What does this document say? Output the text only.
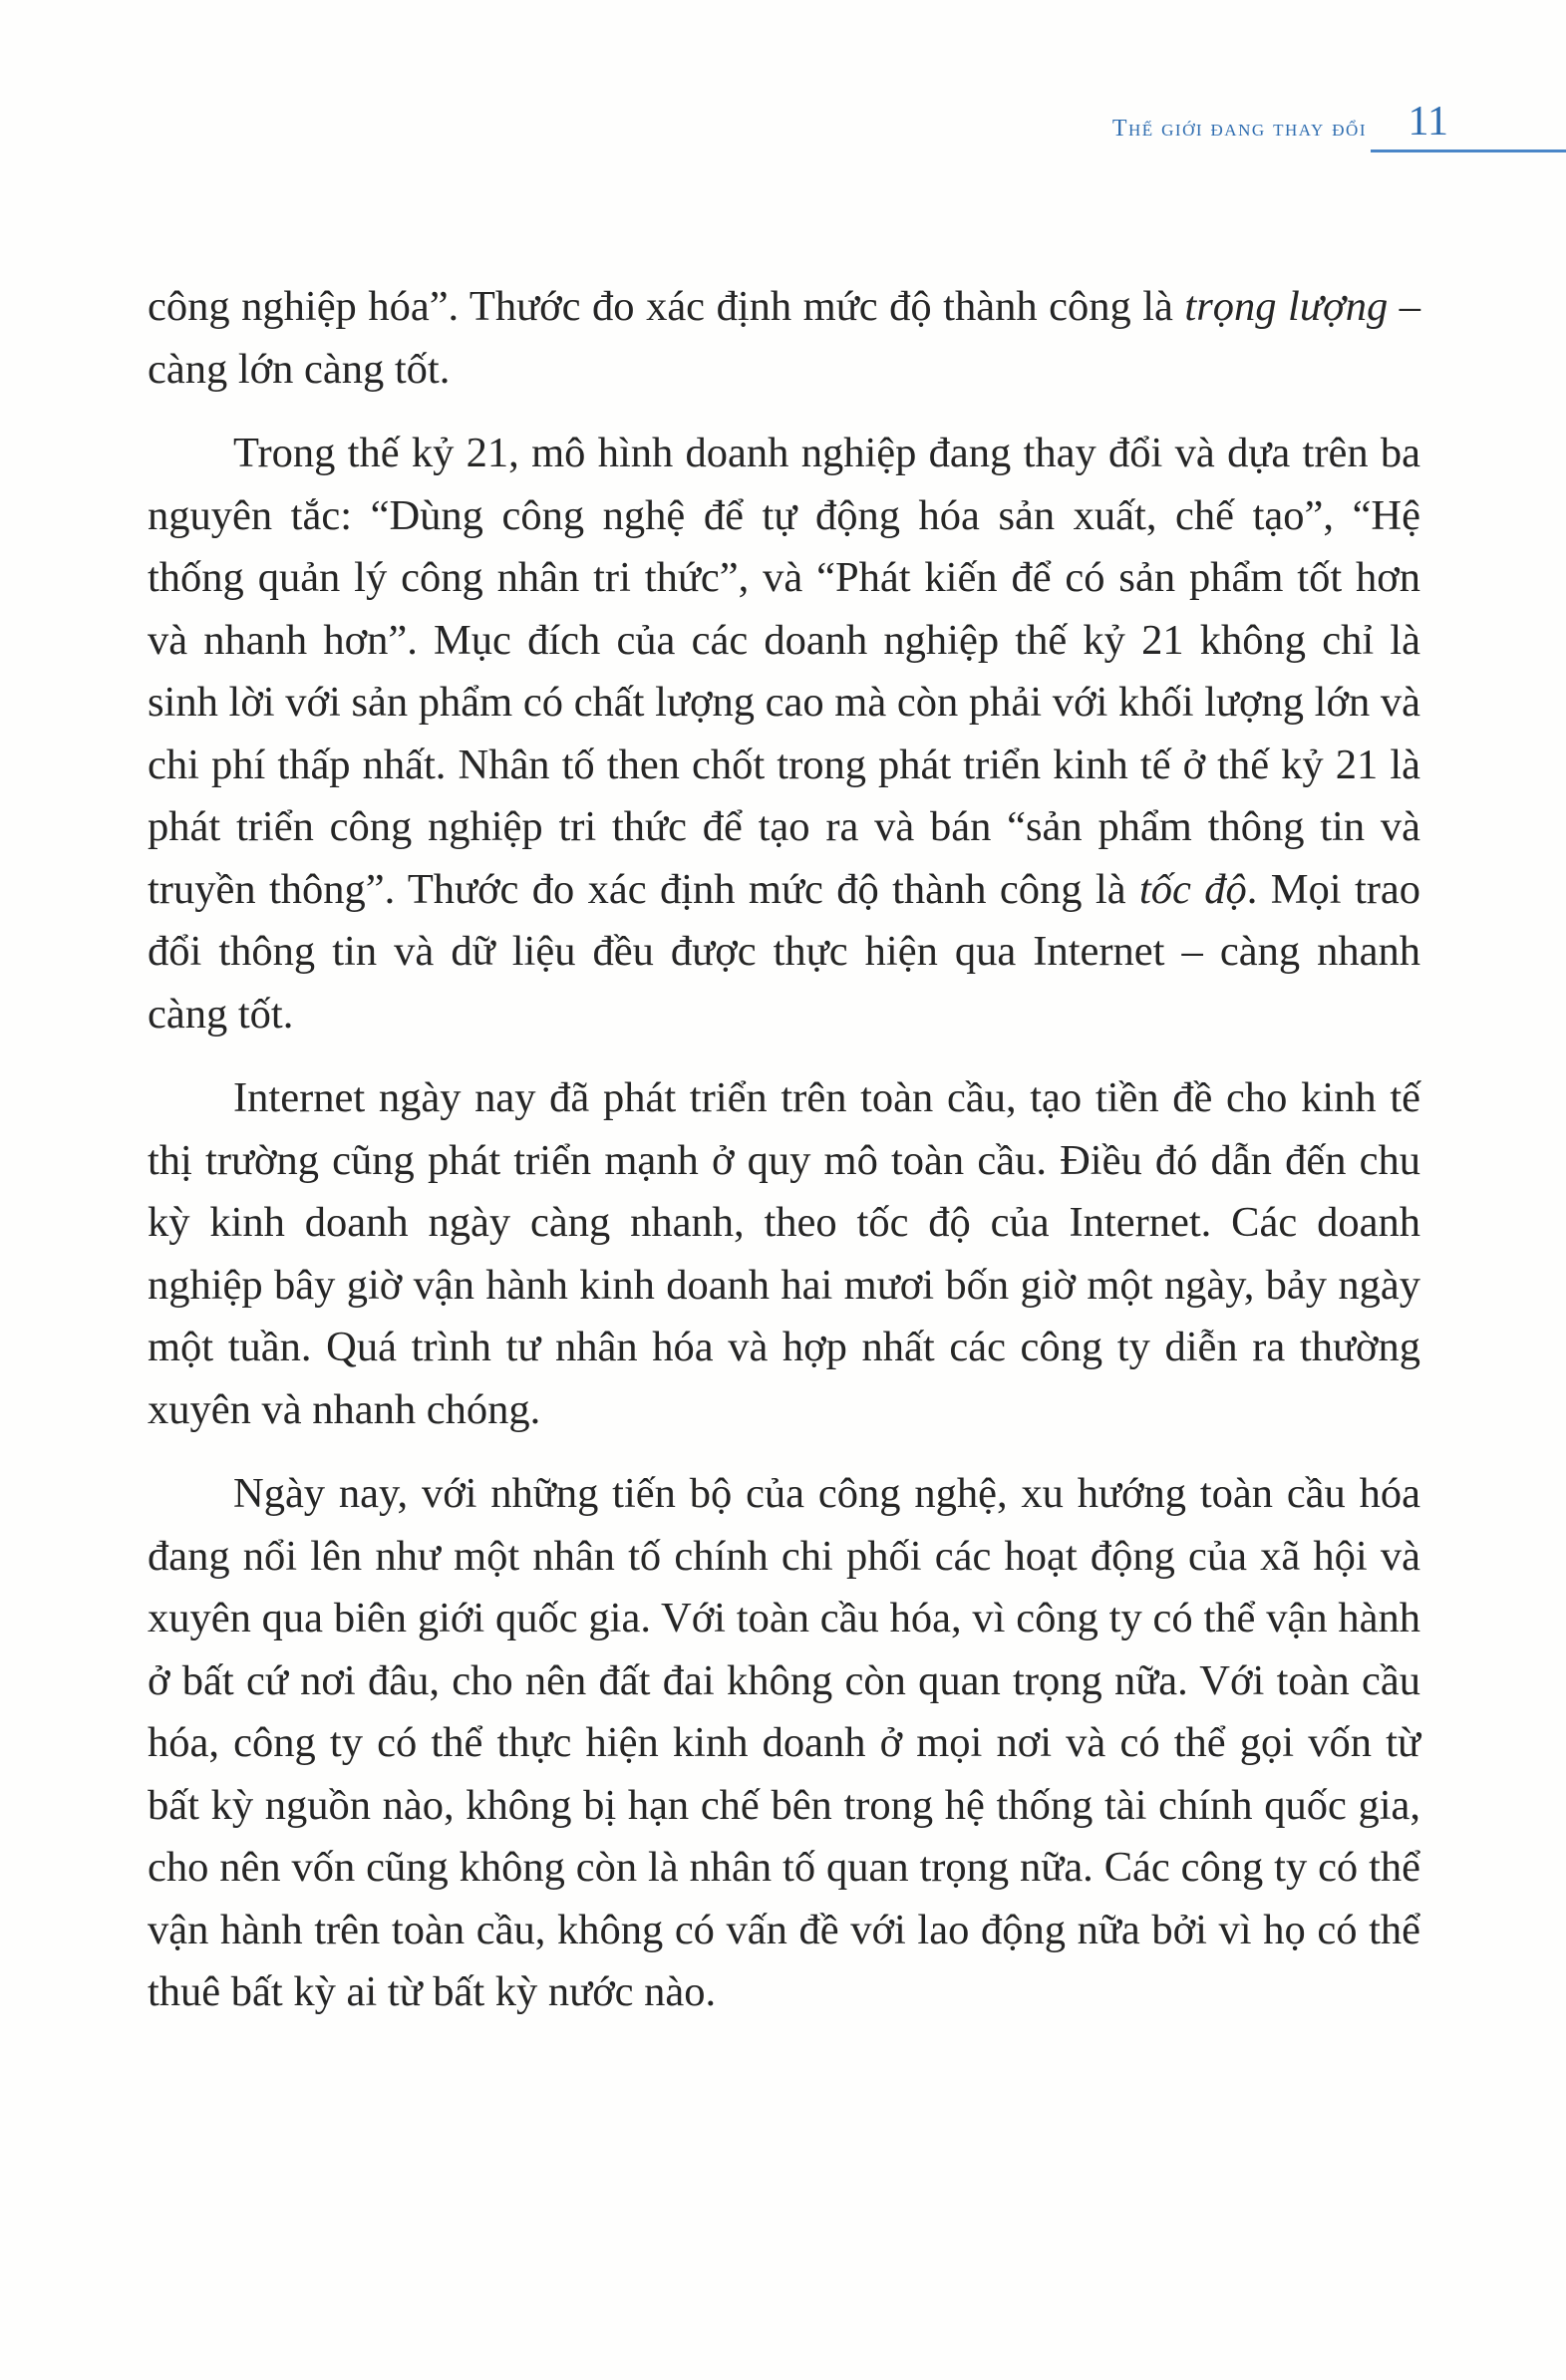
Thế giới đang thay đổi 11

công nghiệp hóa”. Thước đo xác định mức độ thành công là trọng lượng – càng lớn càng tốt.

Trong thế kỷ 21, mô hình doanh nghiệp đang thay đổi và dựa trên ba nguyên tắc: “Dùng công nghệ để tự động hóa sản xuất, chế tạo”, “Hệ thống quản lý công nhân tri thức”, và “Phát kiến để có sản phẩm tốt hơn và nhanh hơn”. Mục đích của các doanh nghiệp thế kỷ 21 không chỉ là sinh lời với sản phẩm có chất lượng cao mà còn phải với khối lượng lớn và chi phí thấp nhất. Nhân tố then chốt trong phát triển kinh tế ở thế kỷ 21 là phát triển công nghiệp tri thức để tạo ra và bán “sản phẩm thông tin và truyền thông”. Thước đo xác định mức độ thành công là tốc độ. Mọi trao đổi thông tin và dữ liệu đều được thực hiện qua Internet – càng nhanh càng tốt.

Internet ngày nay đã phát triển trên toàn cầu, tạo tiền đề cho kinh tế thị trường cũng phát triển mạnh ở quy mô toàn cầu. Điều đó dẫn đến chu kỳ kinh doanh ngày càng nhanh, theo tốc độ của Internet. Các doanh nghiệp bây giờ vận hành kinh doanh hai mươi bốn giờ một ngày, bảy ngày một tuần. Quá trình tư nhân hóa và hợp nhất các công ty diễn ra thường xuyên và nhanh chóng.

Ngày nay, với những tiến bộ của công nghệ, xu hướng toàn cầu hóa đang nổi lên như một nhân tố chính chi phối các hoạt động của xã hội và xuyên qua biên giới quốc gia. Với toàn cầu hóa, vì công ty có thể vận hành ở bất cứ nơi đâu, cho nên đất đai không còn quan trọng nữa. Với toàn cầu hóa, công ty có thể thực hiện kinh doanh ở mọi nơi và có thể gọi vốn từ bất kỳ nguồn nào, không bị hạn chế bên trong hệ thống tài chính quốc gia, cho nên vốn cũng không còn là nhân tố quan trọng nữa. Các công ty có thể vận hành trên toàn cầu, không có vấn đề với lao động nữa bởi vì họ có thể thuê bất kỳ ai từ bất kỳ nước nào.
